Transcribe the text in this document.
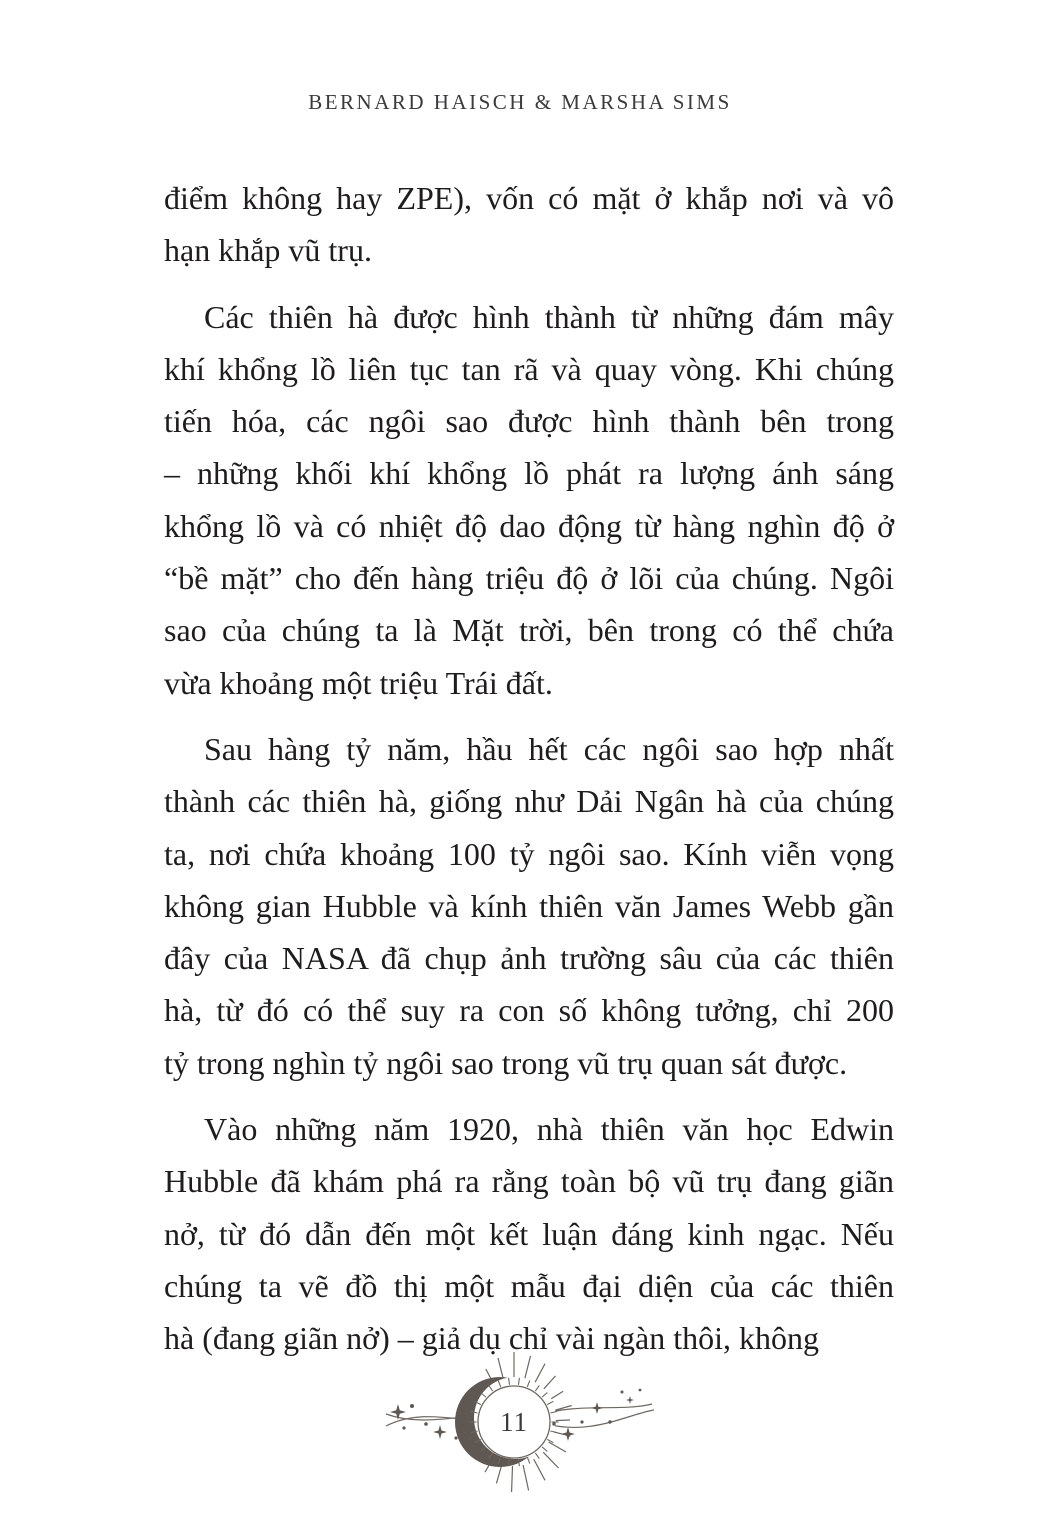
BERNARD HAISCH & MARSHA SIMS
điểm không hay ZPE), vốn có mặt ở khắp nơi và vô
hạn khắp vũ trụ.
Các thiên hà được hình thành từ những đám mây
khí khổng lồ liên tục tan rã và quay vòng. Khi chúng
tiến hóa, các ngôi sao được hình thành bên trong
– những khối khí khổng lồ phát ra lượng ánh sáng
khổng lồ và có nhiệt độ dao động từ hàng nghìn độ ở
“bề mặt” cho đến hàng triệu độ ở lõi của chúng. Ngôi
sao của chúng ta là Mặt trời, bên trong có thể chứa
vừa khoảng một triệu Trái đất.
Sau hàng tỷ năm, hầu hết các ngôi sao hợp nhất
thành các thiên hà, giống như Dải Ngân hà của chúng
ta, nơi chứa khoảng 100 tỷ ngôi sao. Kính viễn vọng
không gian Hubble và kính thiên văn James Webb gần
đây của NASA đã chụp ảnh trường sâu của các thiên
hà, từ đó có thể suy ra con số không tưởng, chỉ 200
tỷ trong nghìn tỷ ngôi sao trong vũ trụ quan sát được.
Vào những năm 1920, nhà thiên văn học Edwin
Hubble đã khám phá ra rằng toàn bộ vũ trụ đang giãn
nở, từ đó dẫn đến một kết luận đáng kinh ngạc. Nếu
chúng ta vẽ đồ thị một mẫu đại diện của các thiên
hà (đang giãn nở) – giả dụ chỉ vài ngàn thôi, không
11
